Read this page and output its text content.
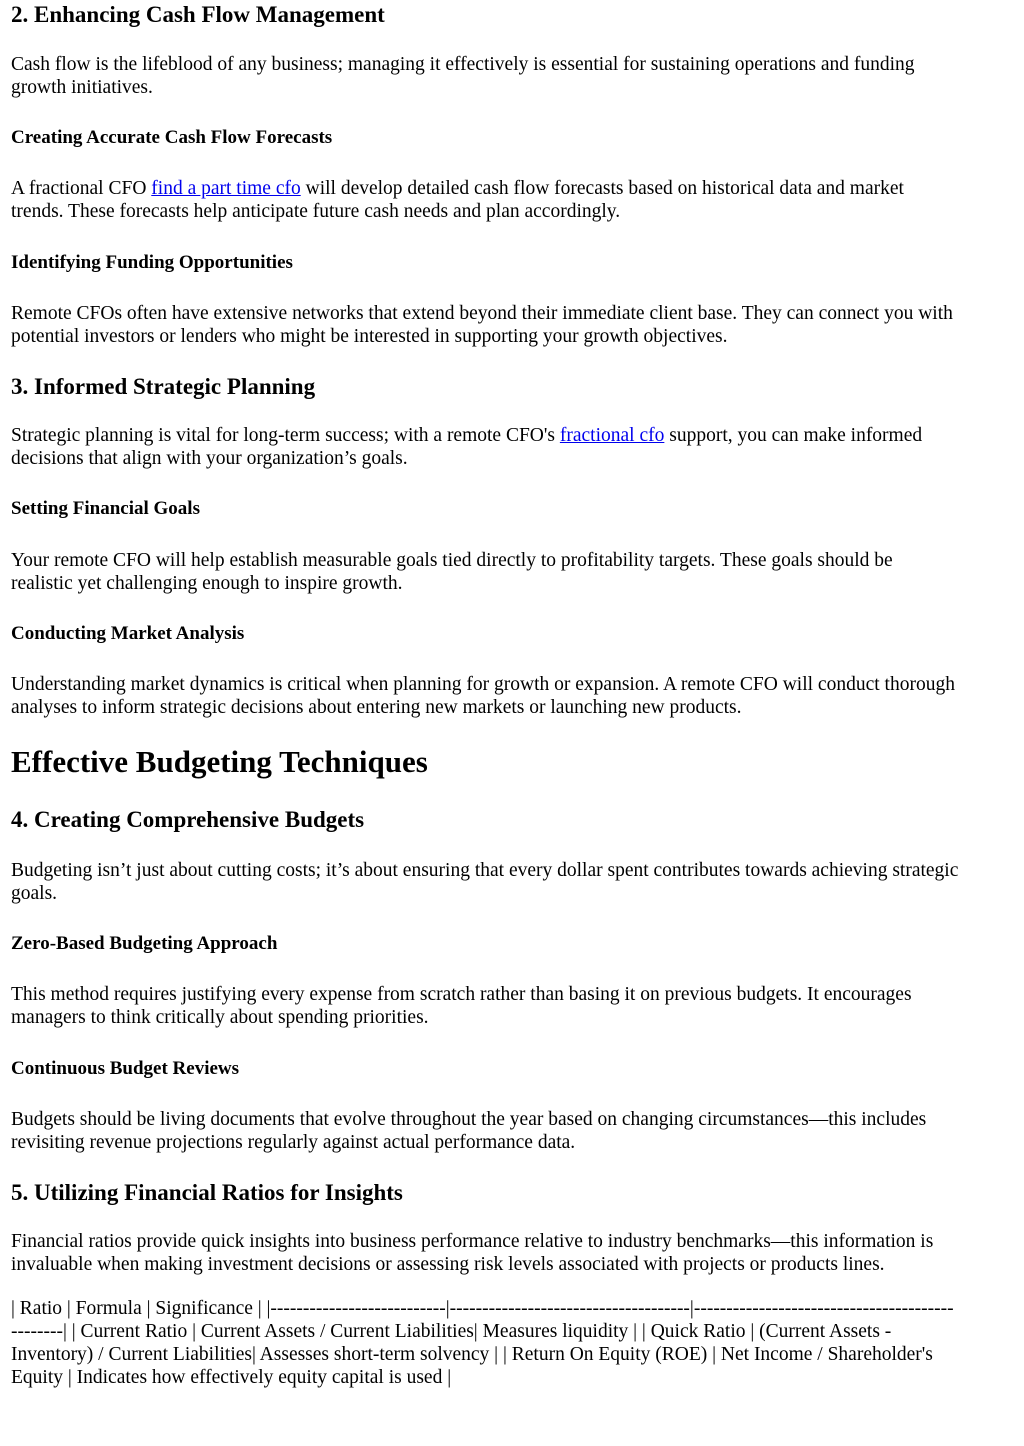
2. Enhancing Cash Flow Management

Cash flow is the lifeblood of any business; managing it effectively is essential for sustaining operations and funding
growth initiatives.

Creating Accurate Cash Flow Forecasts

A fractional CFO find a part time cfo will develop detailed cash flow forecasts based on historical data and market
trends. These forecasts help anticipate future cash needs and plan accordingly.

Identifying Funding Opportunities

Remote CFOs often have extensive networks that extend beyond their immediate client base. They can connect you with
potential investors or lenders who might be interested in supporting your growth objectives.

3. Informed Strategic Planning

Strategic planning is vital for long-term success; with a remote CFO's fractional cfo support, you can make informed
decisions that align with your organization’s goals.

Setting Financial Goals

Your remote CFO will help establish measurable goals tied directly to profitability targets. These goals should be
realistic yet challenging enough to inspire growth.

Conducting Market Analysis

Understanding market dynamics is critical when planning for growth or expansion. A remote CFO will conduct thorough
analyses to inform strategic decisions about entering new markets or launching new products.

Effective Budgeting Techniques
4. Creating Comprehensive Budgets

Budgeting isn’t just about cutting costs; it’s about ensuring that every dollar spent contributes towards achieving strategic
goals.

Zero-Based Budgeting Approach

This method requires justifying every expense from scratch rather than basing it on previous budgets. It encourages
managers to think critically about spending priorities.

Continuous Budget Reviews

Budgets should be living documents that evolve throughout the year based on changing circumstances—this includes
revisiting revenue projections regularly against actual performance data.

5. Utilizing Financial Ratios for Insights

Financial ratios provide quick insights into business performance relative to industry benchmarks—this information is
invaluable when making investment decisions or assessing risk levels associated with projects or products lines.

| Ratio | Formula | Significance | |---------------------------|-------------------------------------|----------------------------------------
--------| | Current Ratio | Current Assets / Current Liabilities| Measures liquidity | | Quick Ratio | (Current Assets -
Inventory) / Current Liabilities| Assesses short-term solvency | | Return On Equity (ROE) | Net Income / Shareholder's
Equity | Indicates how effectively equity capital is used |
